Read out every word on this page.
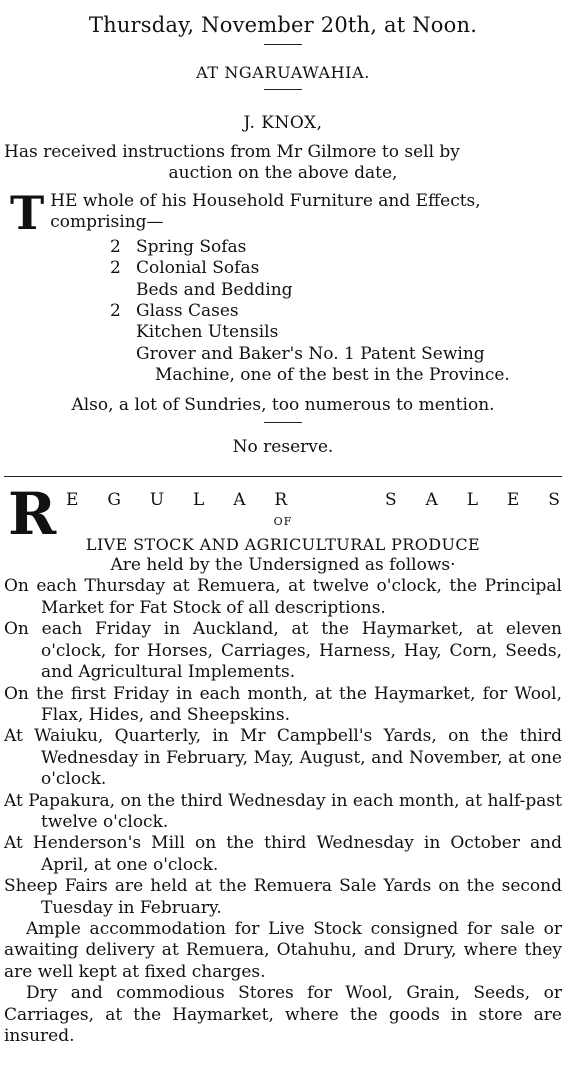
Thursday, November 20th, at Noon.
AT NGARUAWAHIA.
J. KNOX,
Has received instructions from Mr Gilmore to sell by
auction on the above date,
T HE whole of his Household Furniture and Effects,
comprising—
2 Spring Sofas
2 Colonial Sofas
Beds and Bedding
2 Glass Cases
Kitchen Utensils
Grover and Baker's No. 1 Patent Sewing
Machine, one of the best in the Province.
Also, a lot of Sundries, too numerous to mention.
No reserve.
R E G U L A R	S A L E S
OF
LIVE STOCK AND AGRICULTURAL PRODUCE
Are held by the Undersigned as follows·
On each Thursday at Remuera, at twelve o'clock, the Principal Market for Fat Stock of all descriptions.
On each Friday in Auckland, at the Haymarket, at eleven o'clock, for Horses, Carriages, Harness, Hay, Corn, Seeds, and Agricultural Implements.
On the first Friday in each month, at the Haymarket, for Wool, Flax, Hides, and Sheepskins.
At Waiuku, Quarterly, in Mr Campbell's Yards, on the third Wednesday in February, May, August, and November, at one o'clock.
At Papakura, on the third Wednesday in each month, at half-past twelve o'clock.
At Henderson's Mill on the third Wednesday in October and April, at one o'clock.
Sheep Fairs are held at the Remuera Sale Yards on the second Tuesday in February.
Ample accommodation for Live Stock consigned for sale or awaiting delivery at Remuera, Otahuhu, and Drury, where they are well kept at fixed charges.
Dry and commodious Stores for Wool, Grain, Seeds, or Carriages, at the Haymarket, where the goods in store are insured.
